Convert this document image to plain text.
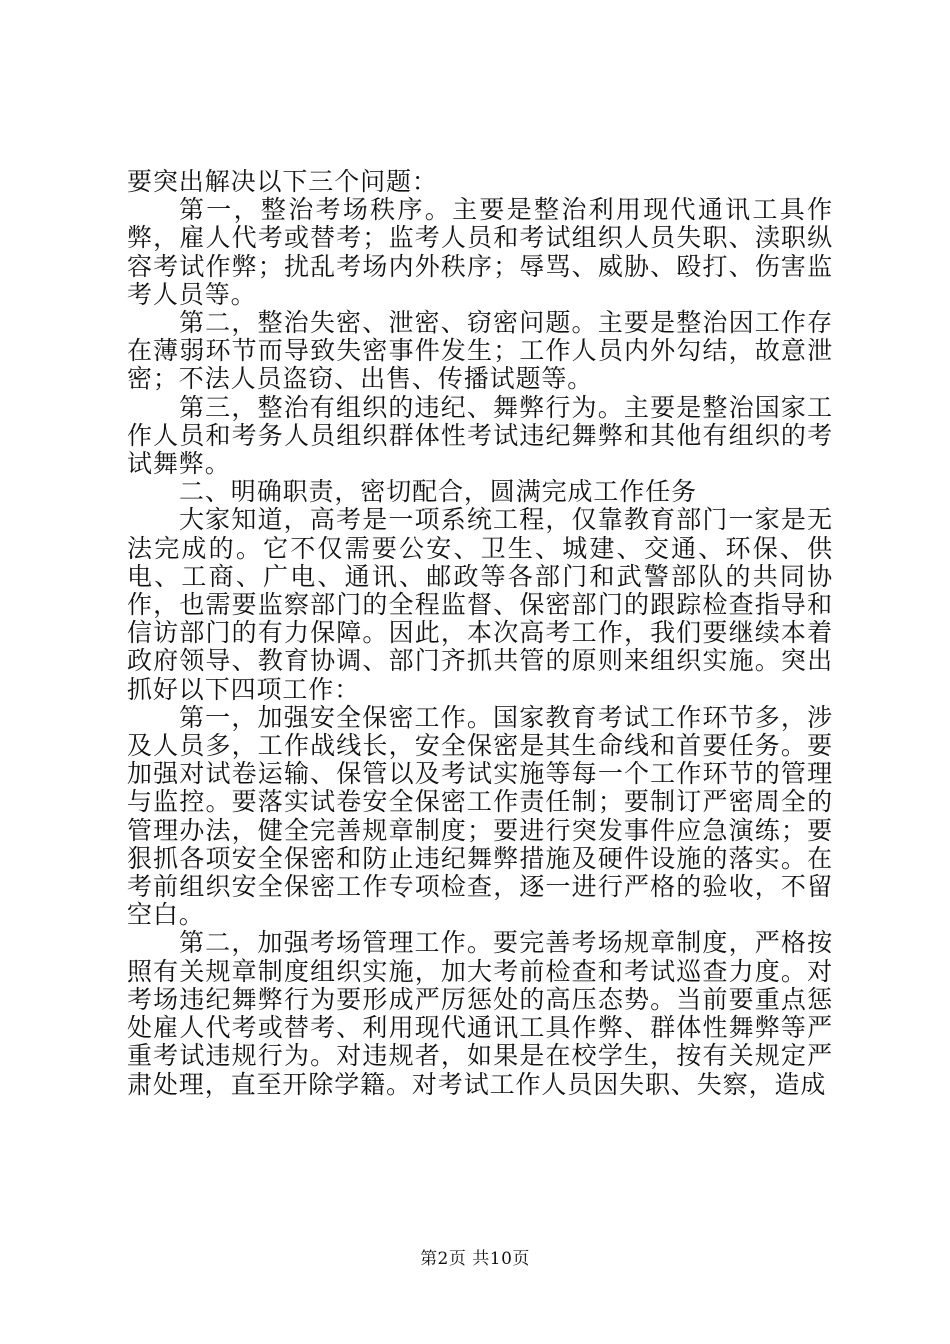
要突出解决以下三个问题：

第一，整治考场秩序。主要是整治利用现代通讯工具作弊，雇人代考或替考；监考人员和考试组织人员失职、渎职纵容考试作弊；扰乱考场内外秩序；辱骂、威胁、殴打、伤害监考人员等。

第二，整治失密、泄密、窃密问题。主要是整治因工作存在薄弱环节而导致失密事件发生；工作人员内外勾结，故意泄密；不法人员盗窃、出售、传播试题等。

第三，整治有组织的违纪、舞弊行为。主要是整治国家工作人员和考务人员组织群体性考试违纪舞弊和其他有组织的考试舞弊。

二、明确职责，密切配合，圆满完成工作任务

大家知道，高考是一项系统工程，仅靠教育部门一家是无法完成的。它不仅需要公安、卫生、城建、交通、环保、供电、工商、广电、通讯、邮政等各部门和武警部队的共同协作，也需要监察部门的全程监督、保密部门的跟踪检查指导和信访部门的有力保障。因此，本次高考工作，我们要继续本着政府领导、教育协调、部门齐抓共管的原则来组织实施。突出抓好以下四项工作：

第一，加强安全保密工作。国家教育考试工作环节多，涉及人员多，工作战线长，安全保密是其生命线和首要任务。要加强对试卷运输、保管以及考试实施等每一个工作环节的管理与监控。要落实试卷安全保密工作责任制；要制订严密周全的管理办法，健全完善规章制度；要进行突发事件应急演练；要狠抓各项安全保密和防止违纪舞弊措施及硬件设施的落实。在考前组织安全保密工作专项检查，逐一进行严格的验收，不留空白。

第二，加强考场管理工作。要完善考场规章制度，严格按照有关规章制度组织实施，加大考前检查和考试巡查力度。对考场违纪舞弊行为要形成严厉惩处的高压态势。当前要重点惩处雇人代考或替考、利用现代通讯工具作弊、群体性舞弊等严重考试违规行为。对违规者，如果是在校学生，按有关规定严肃处理，直至开除学籍。对考试工作人员因失职、失察，造成

第2页 共10页
